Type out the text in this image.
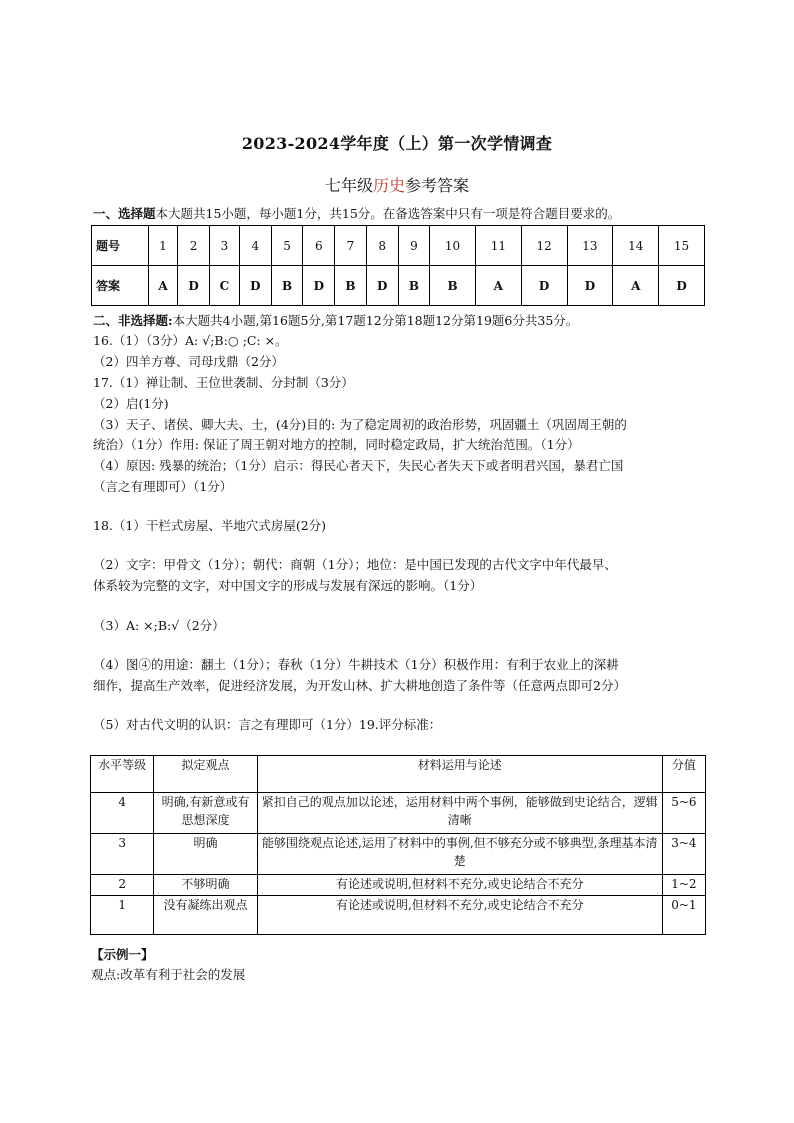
2023-2024学年度（上）第一次学情调查
七年级历史参考答案
一、选择题本大题共15小题，每小题1分，共15分。在备选答案中只有一项是符合题目要求的。
题号	1	2	3	4	5	6	7	8	9	10	11	12	13	14	15
答案	A	D	C	D	B	D	B	D	B	B	A	D	D	A	D
二、非选择题:本大题共4小题,第16题5分,第17题12分第18题12分第19题6分共35分。
16.（1）（3分）A: √;B:○ ;C: ×。
（2）四羊方尊、司母戊鼎（2分）
17.（1）禅让制、王位世袭制、分封制（3分）
（2）启(1分)
（3）天子、诸侯、卿大夫、士，(4分)目的: 为了稳定周初的政治形势，巩固疆土（巩固周王朝的
统治）（1分）作用: 保证了周王朝对地方的控制，同时稳定政局，扩大统治范围。（1分）
（4）原因: 残暴的统治；（1分）启示：得民心者天下，失民心者失天下或者明君兴国，暴君亡国
（言之有理即可）（1分）
18.（1）干栏式房屋、半地穴式房屋(2分)
（2）文字：甲骨文（1分）；朝代：商朝（1分）；地位：是中国已发现的古代文字中年代最早、
体系较为完整的文字，对中国文字的形成与发展有深远的影响。（1分）
（3）A: ×;B:√（2分）
（4）图④的用途：翻土（1分）；春秋（1分）牛耕技术（1分）积极作用：有利于农业上的深耕
细作，提高生产效率，促进经济发展，为开发山林、扩大耕地创造了条件等（任意两点即可2分）
（5）对古代文明的认识：言之有理即可（1分）19.评分标准：
水平等级	拟定观点	材料运用与论述	分值
4	明确,有新意或有思想深度	紧扣自己的观点加以论述，运用材料中两个事例，能够做到史论结合，逻辑清晰	5~6
3	明确	能够围绕观点论述,运用了材料中的事例,但不够充分或不够典型,条理基本清楚	3~4
2	不够明确	有论述或说明,但材料不充分,或史论结合不充分	1~2
1	没有凝练出观点	有论述或说明,但材料不充分,或史论结合不充分	0~1
【示例一】
观点:改革有利于社会的发展
